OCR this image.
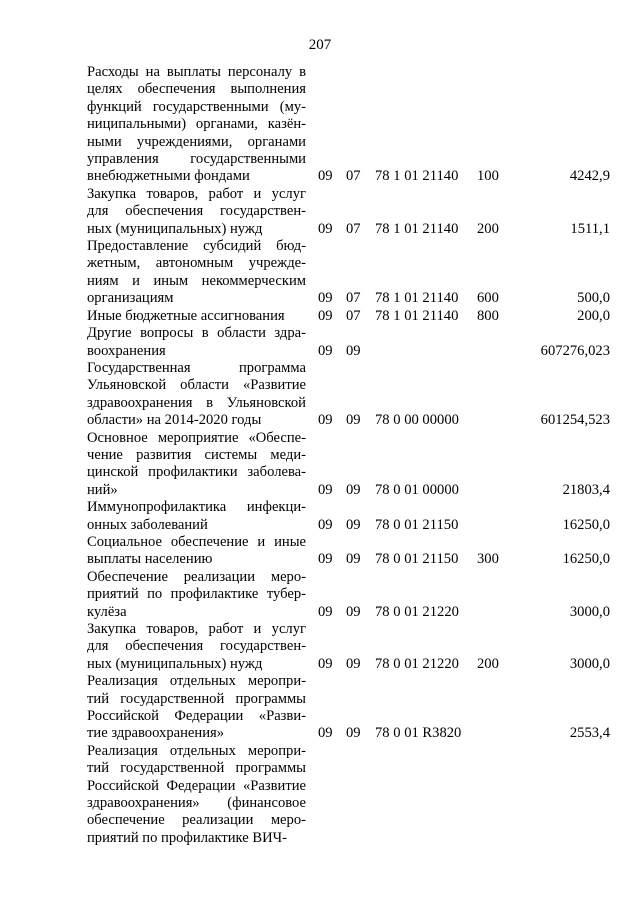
207
Расходы на выплаты персоналу в
целях обеспечения выполнения
функций государственными (му-
ниципальными) органами, казён-
ными учреждениями, органами
управления государственными
внебюджетными фондами	09 07 78 1 01 21140 100	4242,9
Закупка товаров, работ и услуг
для обеспечения государствен-
ных (муниципальных) нужд	09 07 78 1 01 21140 200	1511,1
Предоставление субсидий бюд-
жетным, автономным учрежде-
ниям и иным некоммерческим
организациям	09 07 78 1 01 21140 600	500,0
Иные бюджетные ассигнования	09 07 78 1 01 21140 800	200,0
Другие вопросы в области здра-
воохранения	09 09	607276,023
Государственная программа
Ульяновской области «Развитие
здравоохранения в Ульяновской
области» на 2014-2020 годы	09 09 78 0 00 00000	601254,523
Основное мероприятие «Обеспе-
чение развития системы меди-
цинской профилактики заболева-
ний»	09 09 78 0 01 00000	21803,4
Иммунопрофилактика инфекци-
онных заболеваний	09 09 78 0 01 21150	16250,0
Социальное обеспечение и иные
выплаты населению	09 09 78 0 01 21150 300	16250,0
Обеспечение реализации меро-
приятий по профилактике тубер-
кулёза	09 09 78 0 01 21220	3000,0
Закупка товаров, работ и услуг
для обеспечения государствен-
ных (муниципальных) нужд	09 09 78 0 01 21220 200	3000,0
Реализация отдельных меропри-
тий государственной программы
Российской Федерации «Разви-
тие здравоохранения»	09 09 78 0 01 R3820	2553,4
Реализация отдельных меропри-
тий государственной программы
Российской Федерации «Развитие
здравоохранения» (финансовое
обеспечение реализации меро-
приятий по профилактике ВИЧ-
